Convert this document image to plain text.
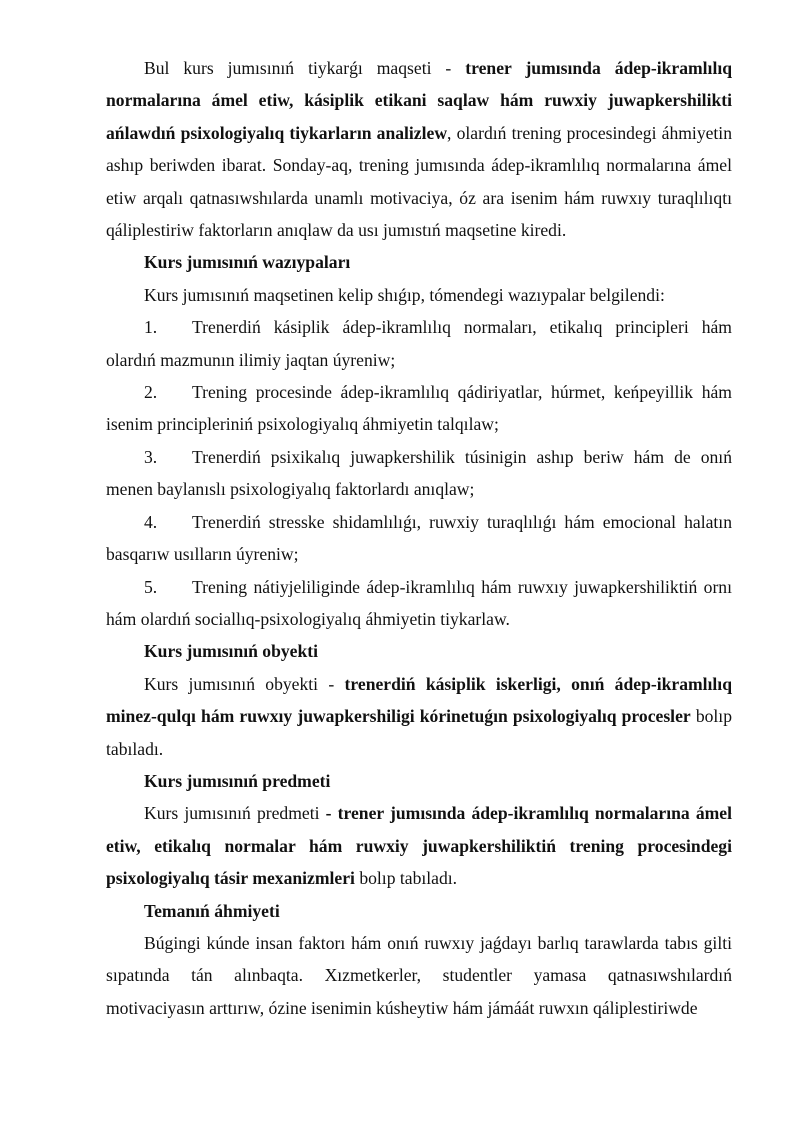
Bul kurs jumısınıń tiykarǵı maqseti - trener jumısında ádep-ikramlılıq normalarına ámel etiw, kásiplik etikani saqlaw hám ruwxiy juwapkershilikti ańlawdıń psixologiyalıq tiykarların analizlew, olardıń trening procesindegi áhmiyetin ashıp beriwden ibarat. Sonday-aq, trening jumısında ádep-ikramlılıq normalarına ámel etiw arqalı qatnasıwshılarda unamlı motivaciya, óz ara isenim hám ruwxıy turaqlılıqtı qáliplestiriw faktorların anıqlaw da usı jumıstıń maqsetine kiredi.

Kurs jumısınıń wazıypaları

Kurs jumısınıń maqsetinen kelip shıǵıp, tómendegi wazıypalar belgilendi:

1. Trenerdiń kásiplik ádep-ikramlılıq normaları, etikalıq principleri hám olardıń mazmunın ilimiy jaqtan úyreniw;

2. Trening procesinde ádep-ikramlılıq qádiriyatlar, húrmet, keńpeyillik hám isenim principleriniń psixologiyalıq áhmiyetin talqılaw;

3. Trenerdiń psixikalıq juwapkershilik túsinigin ashıp beriw hám de onıń menen baylanıslı psixologiyalıq faktorlardı anıqlaw;

4. Trenerdiń stresske shidamlılıǵı, ruwxiy turaqlılıǵı hám emocional halatın basqarıw usılların úyreniw;

5. Trening nátiyjeliliginde ádep-ikramlılıq hám ruwxıy juwapkershiliktiń ornı hám olardıń sociallıq-psixologiyalıq áhmiyetin tiykarlaw.

Kurs jumısınıń obyekti

Kurs jumısınıń obyekti - trenerdiń kásiplik iskerligi, onıń ádep-ikramlılıq minez-qulqı hám ruwxıy juwapkershiligi kórinetuǵın psixologiyalıq procesler bolıp tabıladı.

Kurs jumısınıń predmeti

Kurs jumısınıń predmeti - trener jumısında ádep-ikramlılıq normalarına ámel etiw, etikalıq normalar hám ruwxiy juwapkershiliktiń trening procesindegi psixologiyalıq tásir mexanizmleri bolıp tabıladı.

Temanıń áhmiyeti

Búgingi kúnde insan faktorı hám onıń ruwxıy jaǵdayı barlıq tarawlarda tabıs gilti sıpatında tán alınbaqta. Xızmetkerler, studentler yamasa qatnasıwshılardıń motivaciyasın arttırıw, ózine isenimin kúsheytiw hám jámáát ruwxın qáliplestiriwde
